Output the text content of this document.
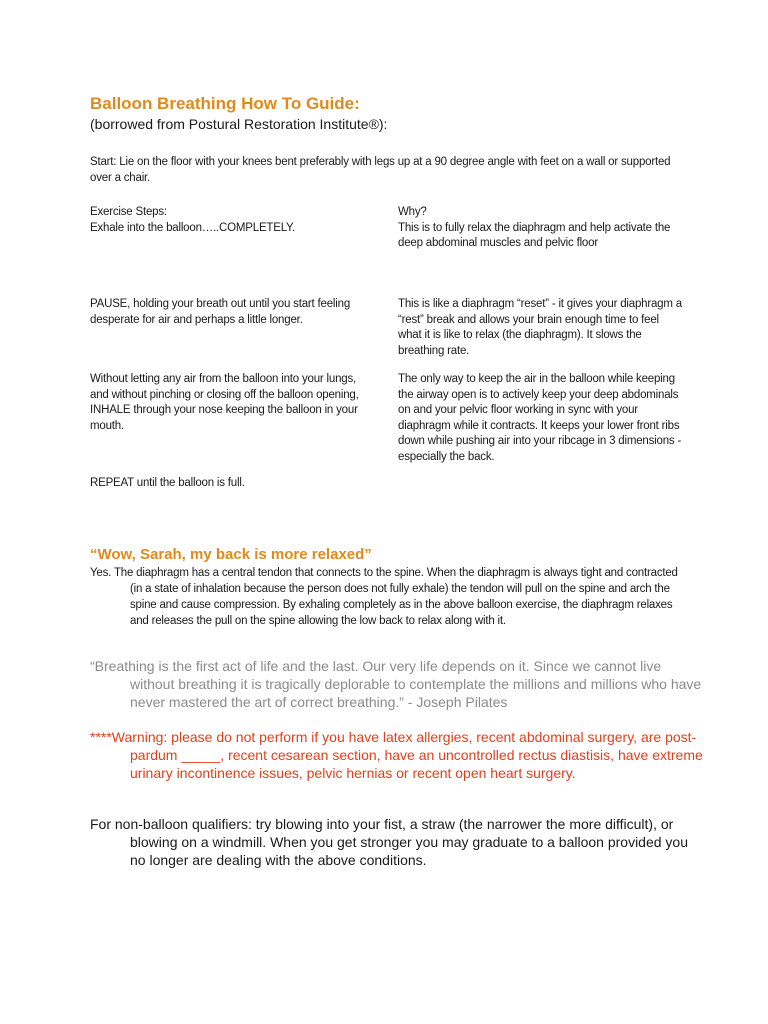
Balloon Breathing How To Guide:

(borrowed from Postural Restoration Institute®):

Start: Lie on the floor with your knees bent preferably with legs up at a 90 degree angle with feet on a wall or supported over a chair.

Exercise Steps:

Exhale into the balloon…..COMPLETELY.

Why?

This is to fully relax the diaphragm and help activate the deep abdominal muscles and pelvic floor

PAUSE, holding your breath out until you start feeling desperate for air and perhaps a little longer.

This is like a diaphragm “reset” - it gives your diaphragm a “rest” break and allows your brain enough time to feel what it is like to relax (the diaphragm). It slows the breathing rate.

Without letting any air from the balloon into your lungs, and without pinching or closing off the balloon opening, INHALE through your nose keeping the balloon in your mouth.

The only way to keep the air in the balloon while keeping the airway open is to actively keep your deep abdominals on and your pelvic floor working in sync with your diaphragm while it contracts. It keeps your lower front ribs down while pushing air into your ribcage in 3 dimensions - especially the back.

REPEAT until the balloon is full.

“Wow, Sarah, my back is more relaxed”

Yes. The diaphragm has a central tendon that connects to the spine. When the diaphragm is always tight and contracted (in a state of inhalation because the person does not fully exhale) the tendon will pull on the spine and arch the spine and cause compression. By exhaling completely as in the above balloon exercise, the diaphragm relaxes and releases the pull on the spine allowing the low back to relax along with it.

“Breathing is the first act of life and the last. Our very life depends on it. Since we cannot live without breathing it is tragically deplorable to contemplate the millions and millions who have never mastered the art of correct breathing.” - Joseph Pilates

****Warning: please do not perform if you have latex allergies, recent abdominal surgery, are post-pardum _____, recent cesarean section, have an uncontrolled rectus diastisis, have extreme urinary incontinence issues, pelvic hernias or recent open heart surgery.

For non-balloon qualifiers: try blowing into your fist, a straw (the narrower the more difficult), or blowing on a windmill. When you get stronger you may graduate to a balloon provided you no longer are dealing with the above conditions.
